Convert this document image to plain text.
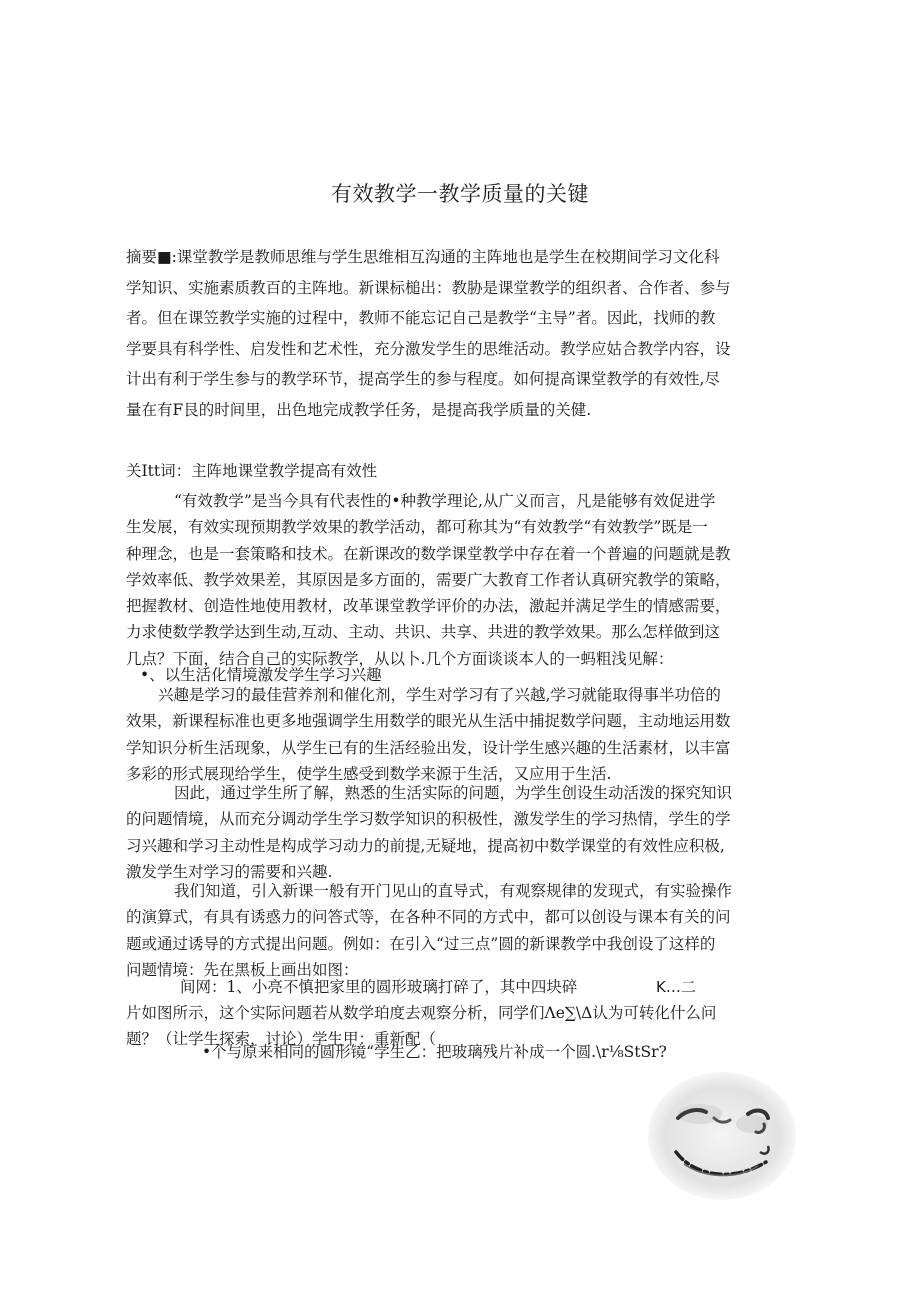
有效教学一教学质量的关键
摘要■:课堂教学是教师思维与学生思维相互沟通的主阵地也是学生在校期间学习文化科
学知识、实施素质教百的主阵地。新课标槌出：教胁是课堂教学的组织者、合作者、参与
者。但在课笠教学实施的过程中，教师不能忘记自己是教学“主导”者。因此，找师的教
学要具有科学性、启发性和艺术性，充分激发学生的思维活动。教学应姑合教学内容，设
计出有利于学生参与的教学环节，提高学生的参与程度。如何提高课堂教学的有效性,尽
量在有F艮的时间里，出色地完成教学任务，是提高我学质量的关健.
关Itt词：主阵地课堂教学提高有效性
“有效教学”是当今具有代表性的•种教学理论,从广义而言，凡是能够有效促进学
生发展，有效实现预期教学效果的教学活动，都可称其为“有效教学“有效教学”既是一
种理念，也是一套策略和技术。在新课改的数学课堂教学中存在着一个普遍的问题就是教
学效率低、教学效果差，其原因是多方面的，需要广大教育工作者认真研究教学的策略，
把握教材、创造性地使用教材，改革课堂教学评价的办法，激起并满足学生的情感需要，
力求使数学教学达到生动,互动、主动、共识、共享、共进的教学效果。那么怎样做到这
几点？下面，结合自己的实际教学，从以卜.几个方面谈谈本人的一蚂粗浅见解：
•、以生活化情境激发学生学习兴趣
兴趣是学习的最佳营养剂和催化剂，学生对学习有了兴越,学习就能取得事半功倍的
效果，新课程标准也更多地强调学生用数学的眼光从生活中捕捉数学问题，主动地运用数
学知识分析生活现象，从学生已有的生活经验出发，设计学生感兴趣的生活素材，以丰富
多彩的形式展现给学生，使学生感受到数学来源于生活，又应用于生活.
因此，通过学生所了解，熟悉的生活实际的问题，为学生创设生动活泼的探究知识
的问题情境，从而充分调动学生学习数学知识的积极性，激发学生的学习热情，学生的学
习兴趣和学习主动性是构成学习动力的前提,无疑地，提高初中数学课堂的有效性应积极,
激发学生对学习的需要和兴趣.
我们知道，引入新课一般有开门见山的直导式，有观察规律的发现式，有实验操作
的演算式，有具有诱惑力的问答式等，在各种不同的方式中，都可以创设与课本有关的问
题或通过诱导的方式提出问题。例如：在引入“过三点”圆的新课教学中我创设了这样的
问题情境：先在黑板上画出如图：
间网：1、小亮不慎把家里的圆形玻璃打碎了，其中四块碎
片如图所示，这个实际问题若从数学珀度去观察分析，同学们Λe∑\Δ认为可转化什么问
题？（让学生探索，讨论）学生甲：重新配（
K…二
•个与原来相同的圆形镜“学生乙：把玻璃残片补成一个圆.\r⅛StSr?
